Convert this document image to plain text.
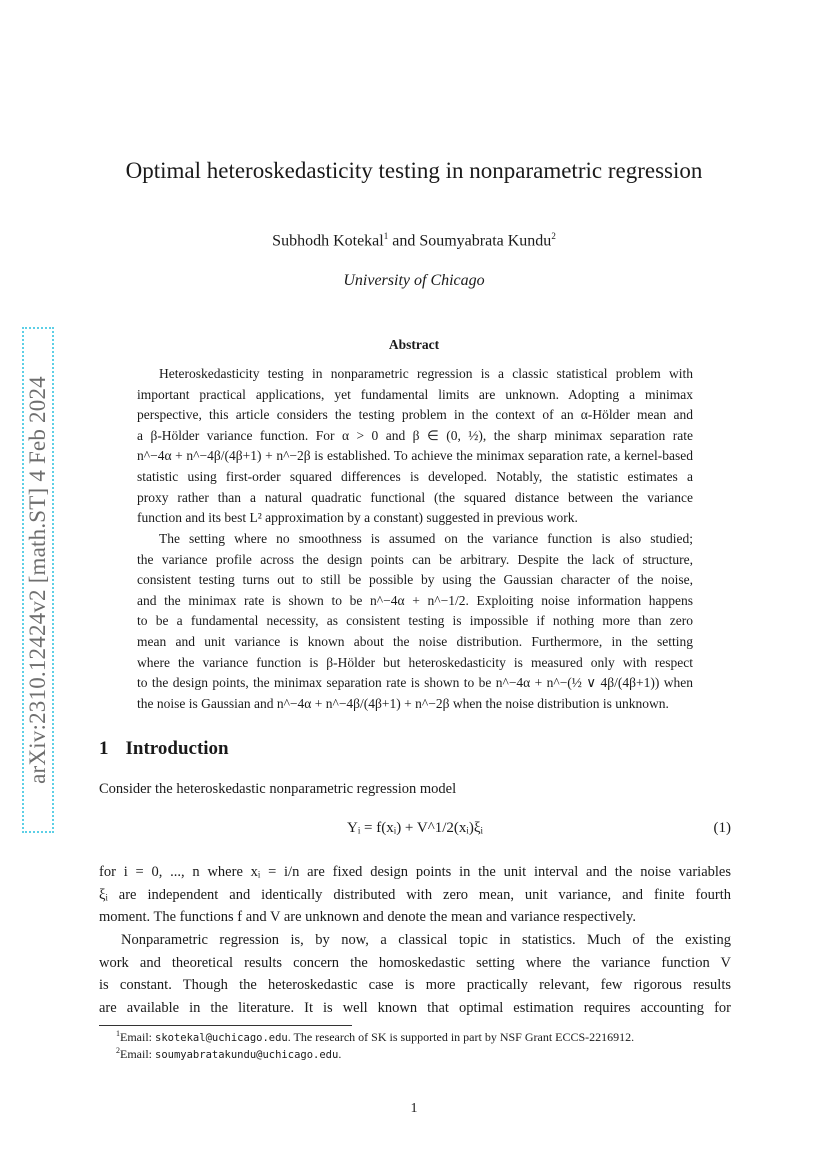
arXiv:2310.12424v2 [math.ST] 4 Feb 2024
Optimal heteroskedasticity testing in nonparametric regression
Subhodh Kotekal$^1$ and Soumyabrata Kundu$^2$
University of Chicago
Abstract
Heteroskedasticity testing in nonparametric regression is a classic statistical problem with
important practical applications, yet fundamental limits are unknown. Adopting a minimax
perspective, this article considers the testing problem in the context of an α-Hölder mean and
a β-Hölder variance function. For α > 0 and β ∈ (0, ½), the sharp minimax separation rate
n^−4α + n^−4β/(4β+1) + n^−2β is established. To achieve the minimax separation rate, a kernel-based
statistic using first-order squared differences is developed. Notably, the statistic estimates a
proxy rather than a natural quadratic functional (the squared distance between the variance
function and its best L² approximation by a constant) suggested in previous work.
The setting where no smoothness is assumed on the variance function is also studied;
the variance profile across the design points can be arbitrary. Despite the lack of structure,
consistent testing turns out to still be possible by using the Gaussian character of the noise,
and the minimax rate is shown to be n^−4α + n^−1/2. Exploiting noise information happens
to be a fundamental necessity, as consistent testing is impossible if nothing more than zero
mean and unit variance is known about the noise distribution. Furthermore, in the setting
where the variance function is β-Hölder but heteroskedasticity is measured only with respect
to the design points, the minimax separation rate is shown to be n^−4α + n^−(½ ∨ 4β/(4β+1)) when
the noise is Gaussian and n^−4α + n^−4β/(4β+1) + n^−2β when the noise distribution is unknown.
1 Introduction
Consider the heteroskedastic nonparametric regression model
Yᵢ = f(xᵢ) + V^1/2(xᵢ)ξᵢ	(1)
for i = 0, ..., n where xᵢ = i/n are fixed design points in the unit interval and the noise variables
ξᵢ are independent and identically distributed with zero mean, unit variance, and finite fourth
moment. The functions f and V are unknown and denote the mean and variance respectively.
Nonparametric regression is, by now, a classical topic in statistics. Much of the existing
work and theoretical results concern the homoskedastic setting where the variance function V
is constant. Though the heteroskedastic case is more practically relevant, few rigorous results
are available in the literature. It is well known that optimal estimation requires accounting for
$^1$Email: skotekal@uchicago.edu. The research of SK is supported in part by NSF Grant ECCS-2216912.
$^2$Email: soumyabratakundu@uchicago.edu.
1
